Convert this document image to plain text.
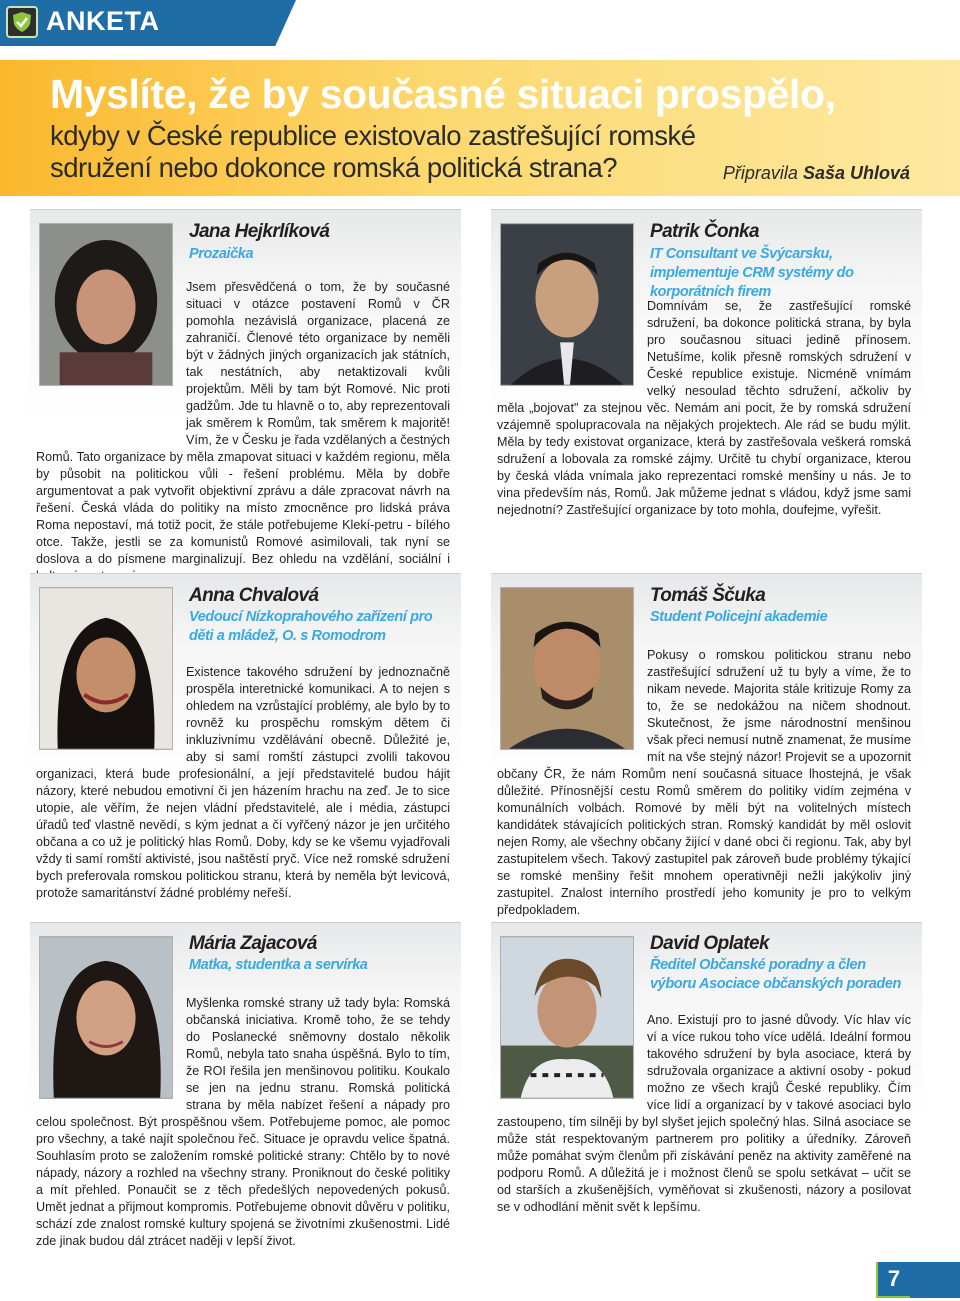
ANKETA
Myslíte, že by současné situaci prospělo,
kdyby v České republice existovalo zastřešující romské sdružení nebo dokonce romská politická strana?	Připravila Saša Uhlová
Jana Hejkrlíková
Prozaička
Jsem přesvědčená o tom, že by současné situaci v otázce postavení Romů v ČR pomohla nezávislá organizace, placená ze zahraničí. Členové této organizace by neměli být v žádných jiných organizacích jak státních, tak nestátních, aby netaktizovali kvůli projektům. Měli by tam být Romové. Nic proti gadžům. Jde tu hlavně o to, aby reprezentovali jak směrem k Romům, tak směrem k majoritě! Vím, že v Česku je řada vzdělaných a čestných Romů. Tato organizace by měla zmapovat situaci v každém regionu, měla by působit na politickou vůli - řešení problému. Měla by dobře argumentovat a pak vytvořit objektivní zprávu a dále zpracovat návrh na řešení. Česká vláda do politiky na místo zmocněnce pro lidská práva Roma nepostaví, má totiž pocit, že stále potřebujeme Klekí-petru - bílého otce. Takže, jestli se za komunistů Romové asimilovali, tak nyní se doslova a do písmene marginalizují. Bez ohledu na vzdělání, sociální i
Patrik Čonka
IT Consultant ve Švýcarsku, implementuje CRM systémy do korporátních firem
Domnívám se, že zastřešující romské sdružení, ba dokonce politická strana, by byla pro současnou situaci jedině přínosem. Netušíme, kolik přesně romských sdružení v České republice existuje. Nicméně vnímám velký nesoulad těchto sdružení, ačkoliv by měla „bojovat" za stejnou věc. Nemám ani pocit, že by romská sdružení vzájemně spolupracovala na nějakých projektech. Ale rád se budu mýlit. Měla by tedy existovat organizace, která by zastřešovala veškerá romská sdružení a lobovala za romské zájmy. Určitě tu chybí organizace, kterou by česká vláda vnímala jako reprezentaci romské menšiny u nás. Je to vina především nás, Romů. Jak můžeme jednat s vládou, když jsme sami nejednotní? Zastřešující organizace by toto mohla, doufejme, vyřešit.
Anna Chvalová
Vedoucí Nízkoprahového zařízení pro děti a mládež, O. s Romodrom
Existence takového sdružení by jednoznačně prospěla interetnické komunikaci. A to nejen s ohledem na vzrůstající problémy, ale bylo by to rovněž ku prospěchu romským dětem či inkluzivnímu vzdělávání obecně. Důležité je, aby si samí romští zástupci zvolili takovou organizaci, která bude profesionální, a její představitelé budou hájit názory, které nebudou emotivní či jen házením hrachu na zeď. Je to sice utopie, ale věřím, že nejen vládní představitelé, ale i média, zástupci úřadů teď vlastně nevědí, s kým jednat a čí vyřčený názor je jen určitého občana a co už je politický hlas Romů. Doby, kdy se ke všemu vyjadřovali vždy ti samí romští aktivisté, jsou naštěstí pryč. Více než romské sdružení bych preferovala romskou politickou stranu, která by neměla být levicová, protože samaritánství žádné problémy neřeší.
Tomáš Ščuka
Student Policejní akademie
Pokusy o romskou politickou stranu nebo zastřešující sdružení už tu byly a víme, že to nikam nevede. Majorita stále kritizuje Romy za to, že se nedokážou na ničem shodnout. Skutečnost, že jsme národnostní menšinou však přeci nemusí nutně znamenat, že musíme mít na vše stejný názor! Projevit se a upozornit občany ČR, že nám Romům není současná situace lhostejná, je však důležité. Přínosnější cestu Romů směrem do politiky vidím zejména v komunálních volbách. Romové by měli být na volitelných místech kandidátek stávajících politických stran. Romský kandidát by měl oslovit nejen Romy, ale všechny občany žijící v dané obci či regionu. Tak, aby byl zastupitelem všech. Takový zastupitel pak zároveň bude problémy týkající se romské menšiny řešit mnohem operativněji nežli jakýkoliv jiný zastupitel. Znalost interního prostředí jeho komunity je pro to velkým předpokladem.
Mária Zajacová
Matka, studentka a servírka
Myšlenka romské strany už tady byla: Romská občanská iniciativa. Kromě toho, že se tehdy do Poslanecké sněmovny dostalo několik Romů, nebyla tato snaha úspěšná. Bylo to tím, že ROI řešila jen menšinovou politiku. Koukalo se jen na jednu stranu. Romská politická strana by měla nabízet řešení a nápady pro celou společnost. Být prospěšnou všem. Potřebujeme pomoc, ale pomoc pro všechny, a také najít společnou řeč. Situace je opravdu velice špatná. Souhlasím proto se založením romské politické strany: Chtělo by to nové nápady, názory a rozhled na všechny strany. Proniknout do české politiky a mít přehled. Ponaučit se z těch předešlých nepovedených pokusů. Umět jednat a přijmout kompromis. Potřebujeme obnovit důvěru v politiku, schází zde znalost romské kultury spojená se životními zkušenostmi. Lidé zde jinak budou dál ztrácet naději v lepší život.
David Oplatek
Ředitel Občanské poradny a člen výboru Asociace občanských poraden
Ano. Existují pro to jasné důvody. Víc hlav víc ví a více rukou toho více udělá. Ideální formou takového sdružení by byla asociace, která by sdružovala organizace a aktivní osoby - pokud možno ze všech krajů České republiky. Čím více lidí a organizací by v takové asociaci bylo zastoupeno, tím silněji by byl slyšet jejich společný hlas. Silná asociace se může stát respektovaným partnerem pro politiky a úředníky. Zároveň může pomáhat svým členům při získávání peněz na aktivity zaměřené na podporu Romů. A důležitá je i možnost členů se spolu setkávat – učit se od starších a zkušenějších, vyměňovat si zkušenosti, názory a posilovat se v odhodlání měnit svět k lepšímu.
7
